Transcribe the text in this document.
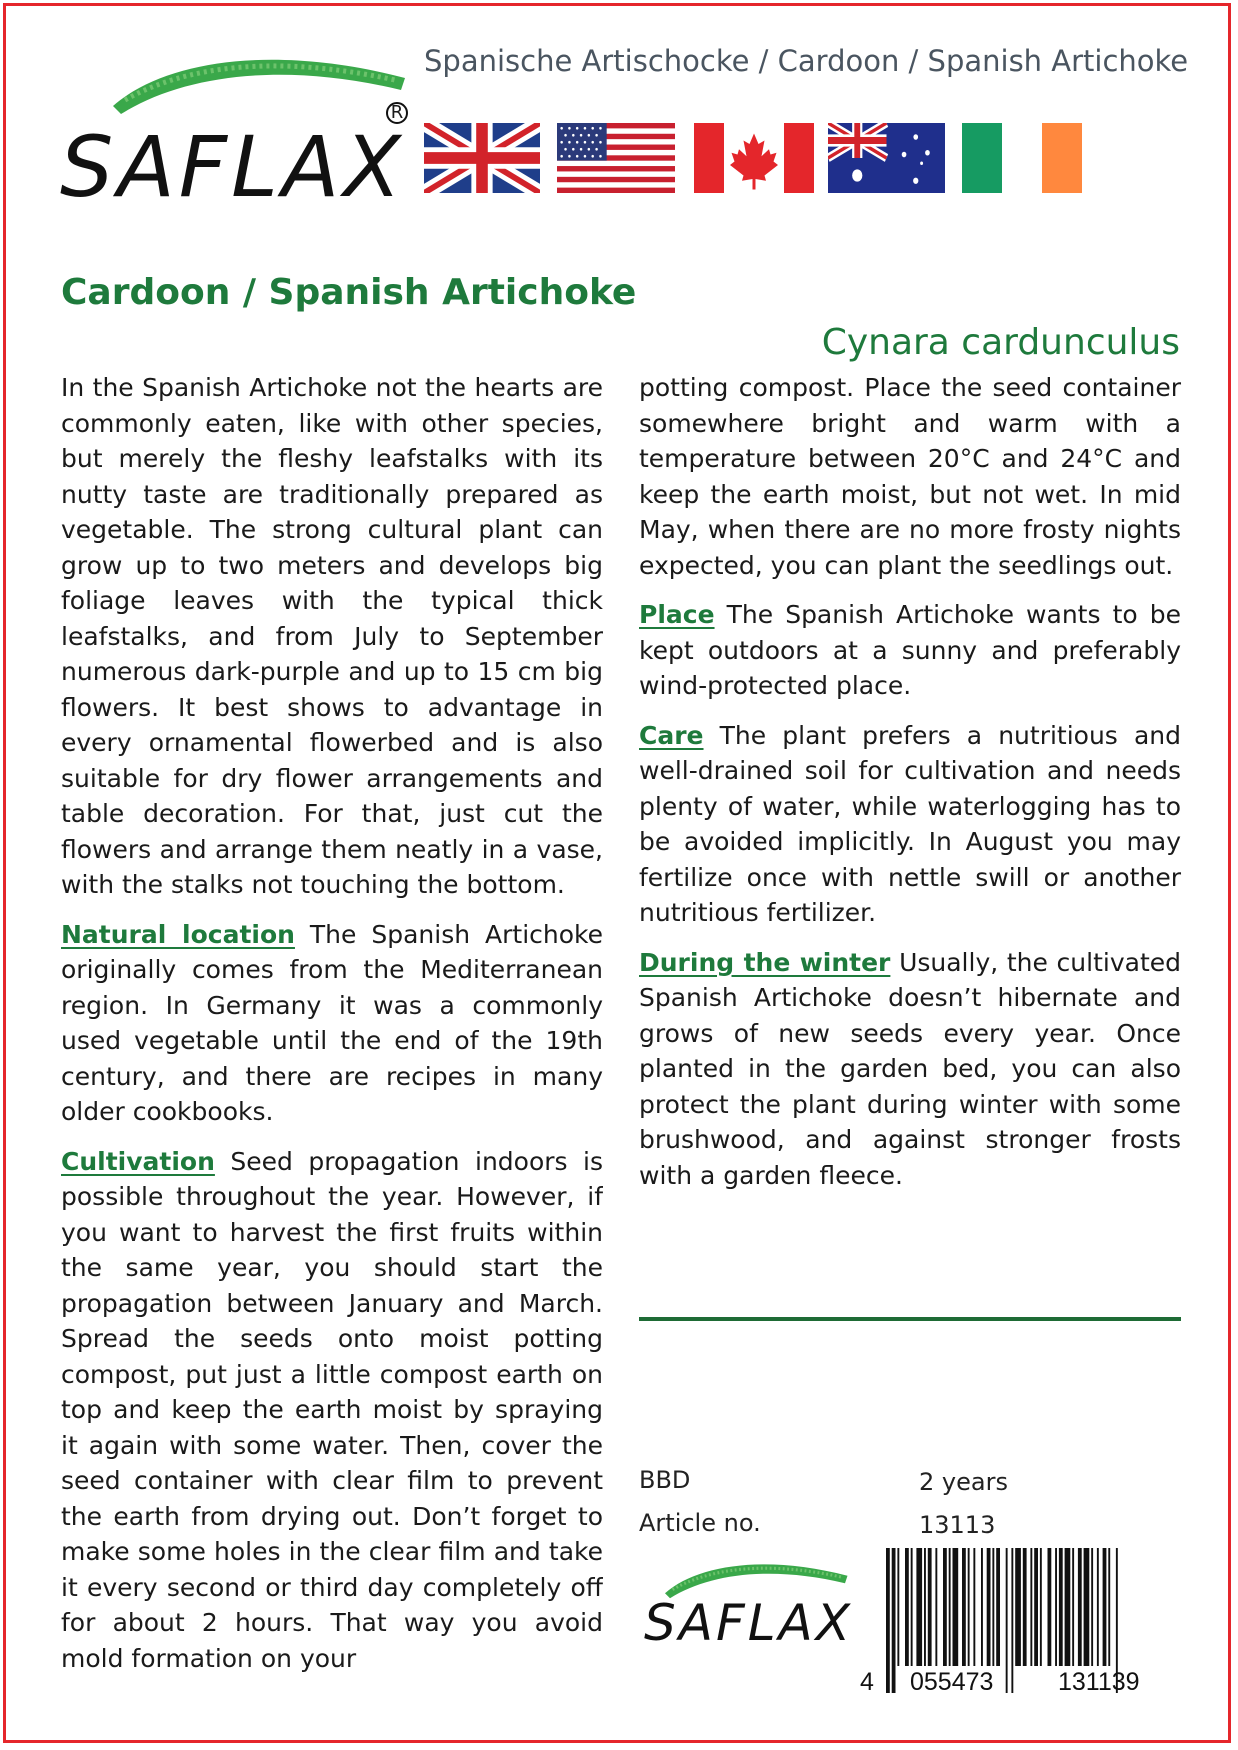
SAFLAX
R
Spanische Artischocke / Cardoon / Spanish Artichoke
Cardoon / Spanish Artichoke
Cynara cardunculus

In the Spanish Artichoke not the hearts are commonly eaten, like with other species, but merely the fleshy leafstalks with its nutty taste are traditionally prepared as vegetable. The strong cultural plant can grow up to two meters and develops big foliage leaves with the typical thick leafstalks, and from July to September numerous dark-purple and up to 15 cm big flowers. It best shows to advantage in every ornamental flowerbed and is also suitable for dry flower arrangements and table decoration. For that, just cut the flowers and arrange them neatly in a vase, with the stalks not touching the bottom.

Natural location The Spanish Artichoke originally comes from the Mediterranean region. In Germany it was a commonly used vegetable until the end of the 19th century, and there are recipes in many older cookbooks.

Cultivation Seed propagation indoors is possible throughout the year. However, if you want to harvest the first fruits within the same year, you should start the propagation between January and March. Spread the seeds onto moist potting compost, put just a little compost earth on top and keep the earth moist by spraying it again with some water. Then, cover the seed container with clear film to prevent the earth from drying out. Don’t forget to make some holes in the clear film and take it every second or third day completely off for about 2 hours. That way you avoid mold formation on your

potting compost. Place the seed container somewhere bright and warm with a temperature between 20°C and 24°C and keep the earth moist, but not wet. In mid May, when there are no more frosty nights expected, you can plant the seedlings out.

Place The Spanish Artichoke wants to be kept outdoors at a sunny and preferably wind-protected place.

Care The plant prefers a nutritious and well-drained soil for cultivation and needs plenty of water, while waterlogging has to be avoided implicitly. In August you may fertilize once with nettle swill or another nutritious fertilizer.

During the winter Usually, the cultivated Spanish Artichoke doesn’t hibernate and grows of new seeds every year. Once planted in the garden bed, you can also protect the plant during winter with some brushwood, and against stronger frosts with a garden fleece.

BBD	2 years
Article no.	13113
SAFLAX
4 055473	131139
